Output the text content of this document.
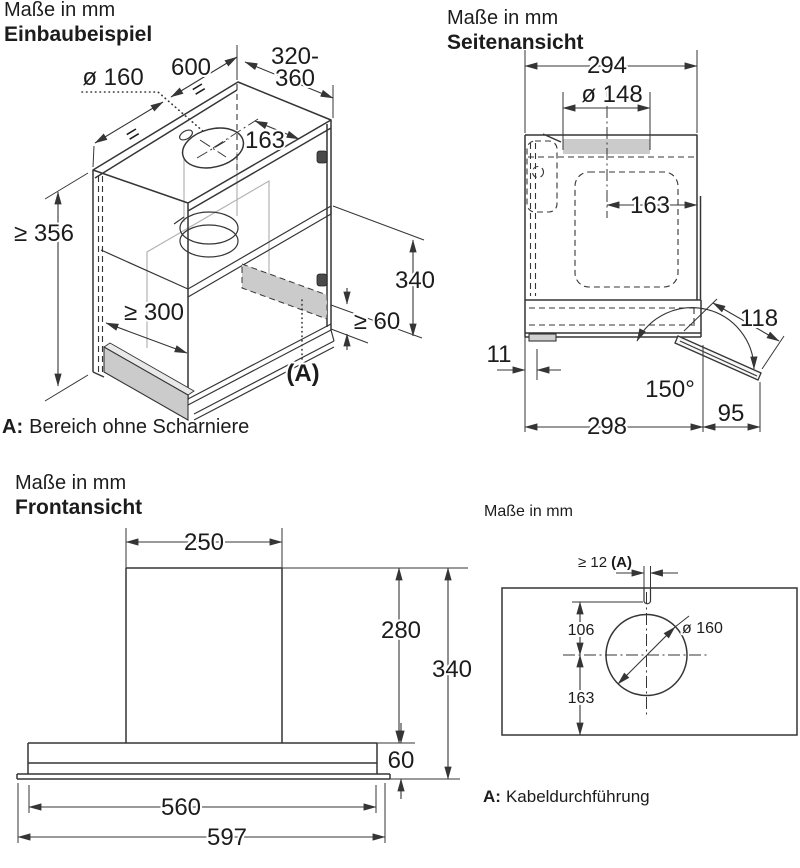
Maße in mm
Einbaubeispiel
600
=
=
ø 160
320-
360
163
≥ 356
≥ 300
340
≥ 60
(A)
A: Bereich ohne Scharniere
Maße in mm
Seitenansicht
150°
294
ø 148
163
11
298	95
118
Maße in mm
Frontansicht
250
280
340
60
560
597
Maße in mm
≥ 12 (A)
106
163
ø 160
A: Kabeldurchführung
